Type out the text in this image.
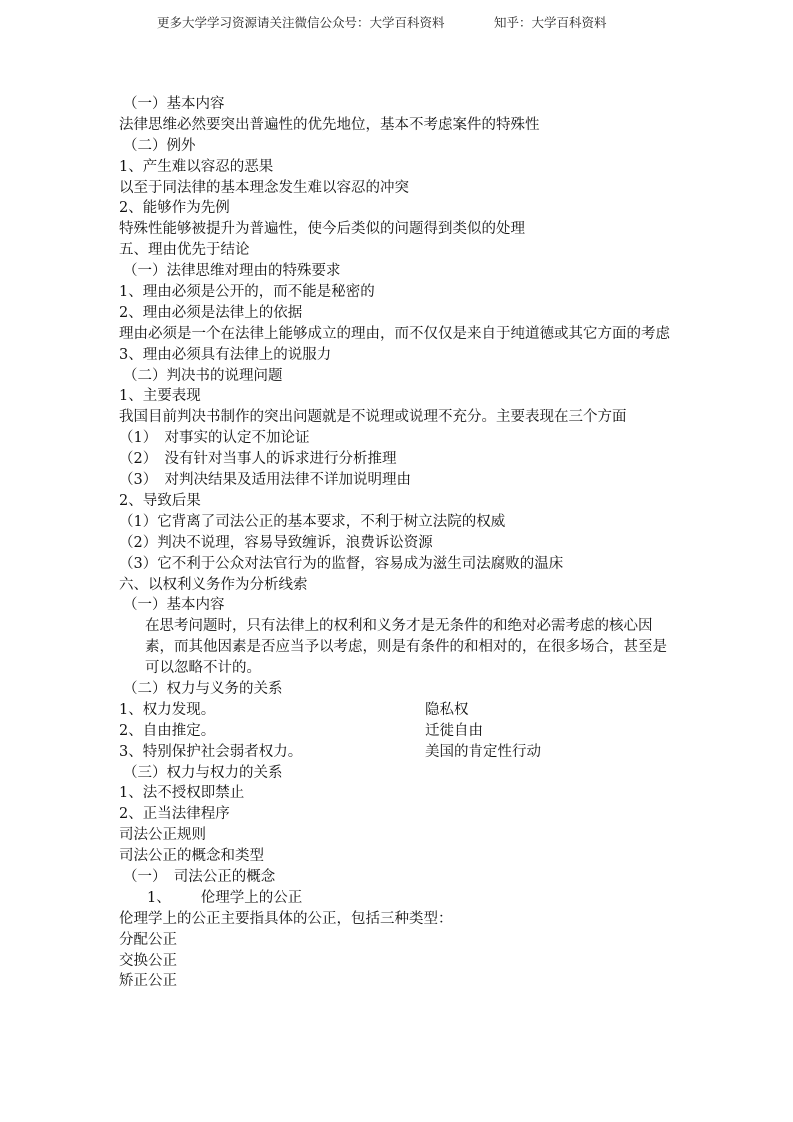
更多大学学习资源请关注微信公众号：大学百科资料	知乎：大学百科资料
（一）基本内容
法律思维必然要突出普遍性的优先地位，基本不考虑案件的特殊性
（二）例外
1、产生难以容忍的恶果
以至于同法律的基本理念发生难以容忍的冲突
2、能够作为先例
特殊性能够被提升为普遍性，使今后类似的问题得到类似的处理
五、理由优先于结论
（一）法律思维对理由的特殊要求
1、理由必须是公开的，而不能是秘密的
2、理由必须是法律上的依据
理由必须是一个在法律上能够成立的理由，而不仅仅是来自于纯道德或其它方面的考虑
3、理由必须具有法律上的说服力
（二）判决书的说理问题
1、主要表现
我国目前判决书制作的突出问题就是不说理或说理不充分。主要表现在三个方面
（1）　对事实的认定不加论证
（2）　没有针对当事人的诉求进行分析推理
（3）　对判决结果及适用法律不详加说明理由
2、导致后果
（1）它背离了司法公正的基本要求，不利于树立法院的权威
（2）判决不说理，容易导致缠诉，浪费诉讼资源
（3）它不利于公众对法官行为的监督，容易成为滋生司法腐败的温床
六、以权利义务作为分析线索
（一）基本内容
在思考问题时，只有法律上的权利和义务才是无条件的和绝对必需考虑的核心因素，而其他因素是否应当予以考虑，则是有条件的和相对的，在很多场合，甚至是可以忽略不计的。
（二）权力与义务的关系
1、权力发现。	隐私权
2、自由推定。	迁徙自由
3、特别保护社会弱者权力。	美国的肯定性行动
（三）权力与权力的关系
1、法不授权即禁止
2、正当法律程序
司法公正规则
司法公正的概念和类型
（一）　司法公正的概念
1、 伦理学上的公正
伦理学上的公正主要指具体的公正，包括三种类型：
分配公正
交换公正
矫正公正
